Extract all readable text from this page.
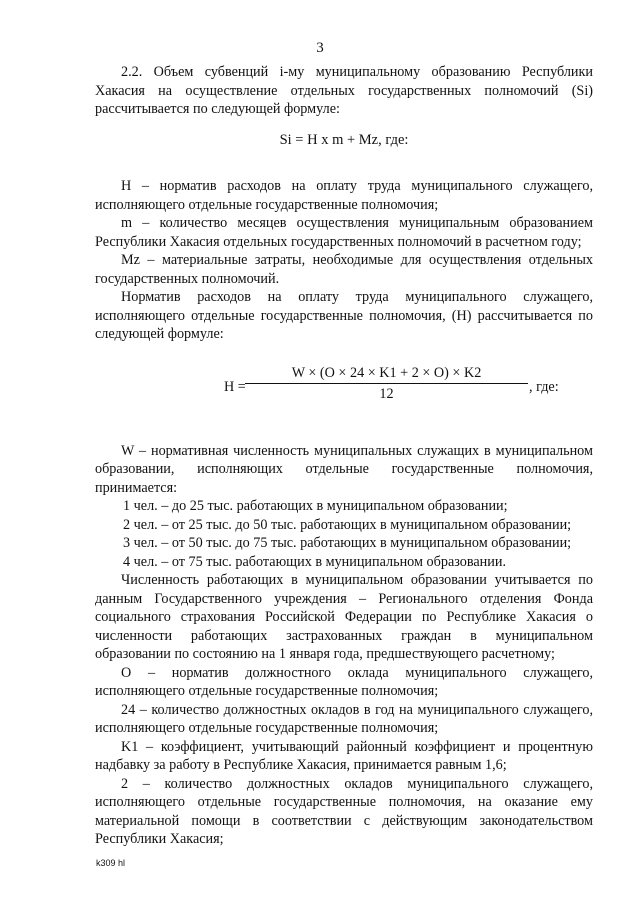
3

2.2. Объем субвенций i-му муниципальному образованию Республики Хакасия на осуществление отдельных государственных полномочий (Si) рассчитывается по следующей формуле:

Si = H x m + Mz, где:

H – норматив расходов на оплату труда муниципального служащего, исполняющего отдельные государственные полномочия;

m – количество месяцев осуществления муниципальным образованием Республики Хакасия отдельных государственных полномочий в расчетном году;

Mz – материальные затраты, необходимые для осуществления отдельных государственных полномочий.

Норматив расходов на оплату труда муниципального служащего, исполняющего отдельные государственные полномочия, (H) рассчитывается по следующей формуле:

H =
W × (O × 24 × K1 + 2 × O) × K2
12	, где:

W – нормативная численность муниципальных служащих в муниципальном образовании, исполняющих отдельные государственные полномочия, принимается:

1 чел. – до 25 тыс. работающих в муниципальном образовании;

2 чел. – от 25 тыс. до 50 тыс. работающих в муниципальном образовании;

3 чел. – от 50 тыс. до 75 тыс. работающих в муниципальном образовании;

4 чел. – от 75 тыс. работающих в муниципальном образовании.

Численность работающих в муниципальном образовании учитывается по данным Государственного учреждения – Регионального отделения Фонда социального страхования Российской Федерации по Республике Хакасия о численности работающих застрахованных граждан в муниципальном образовании по состоянию на 1 января года, предшествующего расчетному;

O – норматив должностного оклада муниципального служащего, исполняющего отдельные государственные полномочия;

24 – количество должностных окладов в год на муниципального служащего, исполняющего отдельные государственные полномочия;

K1 – коэффициент, учитывающий районный коэффициент и процентную надбавку за работу в Республике Хакасия, принимается равным 1,6;

2 – количество должностных окладов муниципального служащего, исполняющего отдельные государственные полномочия, на оказание ему материальной помощи в соответствии с действующим законодательством Республики Хакасия;

k309 hl
